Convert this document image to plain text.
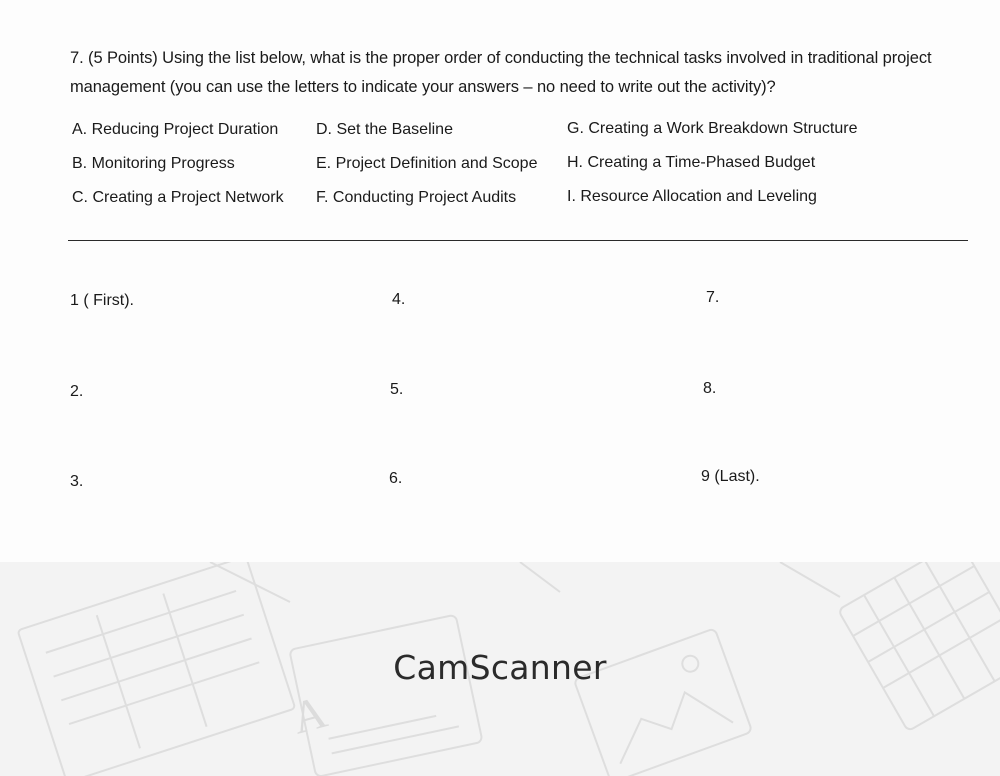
7. (5 Points) Using the list below, what is the proper order of conducting the technical tasks involved in traditional project management (you can use the letters to indicate your answers – no need to write out the activity)?
A. Reducing Project Duration
B. Monitoring Progress
C. Creating a Project Network
D. Set the Baseline
E. Project Definition and Scope
F. Conducting Project Audits
G. Creating a Work Breakdown Structure
H. Creating a Time-Phased Budget
I. Resource Allocation and Leveling
1 ( First).
2.
3.
4.
5.
6.
7.
8.
9 (Last).
A
CamScanner
